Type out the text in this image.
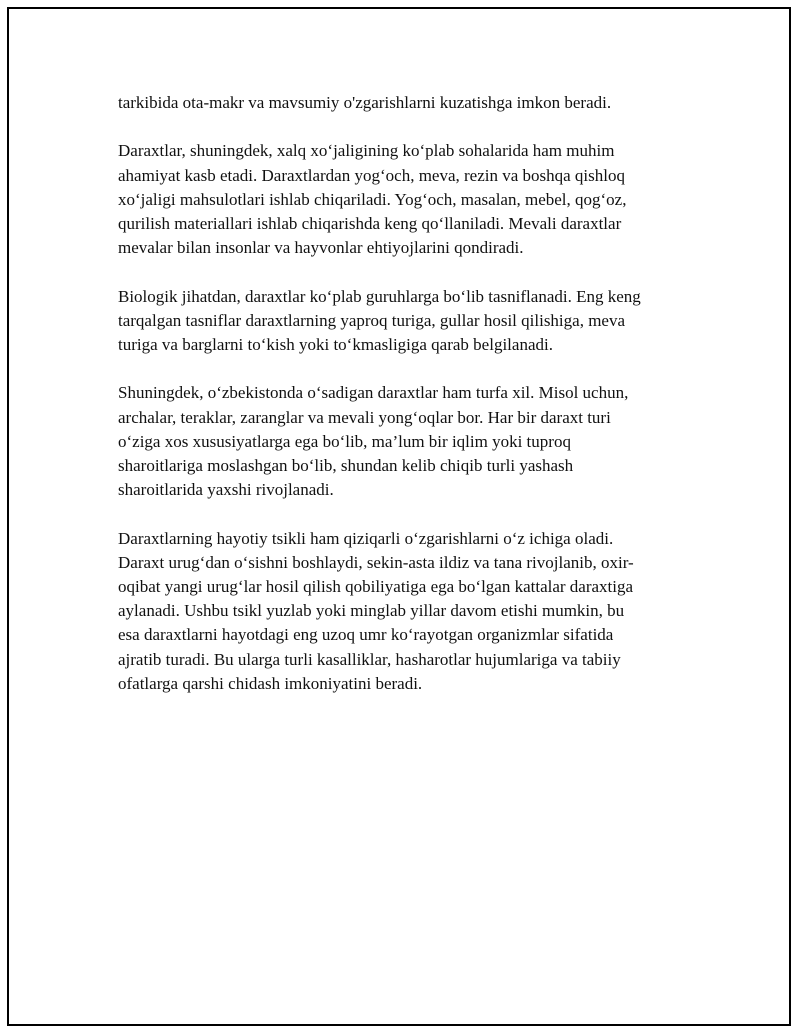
tarkibida ota-makr va mavsumiy o'zgarishlarni kuzatishga imkon beradi.

Daraxtlar, shuningdek, xalq xo‘jaligining ko‘plab sohalarida ham muhim
ahamiyat kasb etadi. Daraxtlardan yog‘och, meva, rezin va boshqa qishloq
xo‘jaligi mahsulotlari ishlab chiqariladi. Yog‘och, masalan, mebel, qog‘oz,
qurilish materiallari ishlab chiqarishda keng qo‘llaniladi. Mevali daraxtlar
mevalar bilan insonlar va hayvonlar ehtiyojlarini qondiradi.

Biologik jihatdan, daraxtlar ko‘plab guruhlarga bo‘lib tasniflanadi. Eng keng
tarqalgan tasniflar daraxtlarning yaproq turiga, gullar hosil qilishiga, meva
turiga va barglarni to‘kish yoki to‘kmasligiga qarab belgilanadi.

Shuningdek, o‘zbekistonda o‘sadigan daraxtlar ham turfa xil. Misol uchun,
archalar, teraklar, zaranglar va mevali yong‘oqlar bor. Har bir daraxt turi
o‘ziga xos xususiyatlarga ega bo‘lib, ma’lum bir iqlim yoki tuproq
sharoitlariga moslashgan bo‘lib, shundan kelib chiqib turli yashash
sharoitlarida yaxshi rivojlanadi.

Daraxtlarning hayotiy tsikli ham qiziqarli o‘zgarishlarni o‘z ichiga oladi.
Daraxt urug‘dan o‘sishni boshlaydi, sekin-asta ildiz va tana rivojlanib, oxir-
oqibat yangi urug‘lar hosil qilish qobiliyatiga ega bo‘lgan kattalar daraxtiga
aylanadi. Ushbu tsikl yuzlab yoki minglab yillar davom etishi mumkin, bu
esa daraxtlarni hayotdagi eng uzoq umr ko‘rayotgan organizmlar sifatida
ajratib turadi. Bu ularga turli kasalliklar, hasharotlar hujumlariga va tabiiy
ofatlarga qarshi chidash imkoniyatini beradi.
